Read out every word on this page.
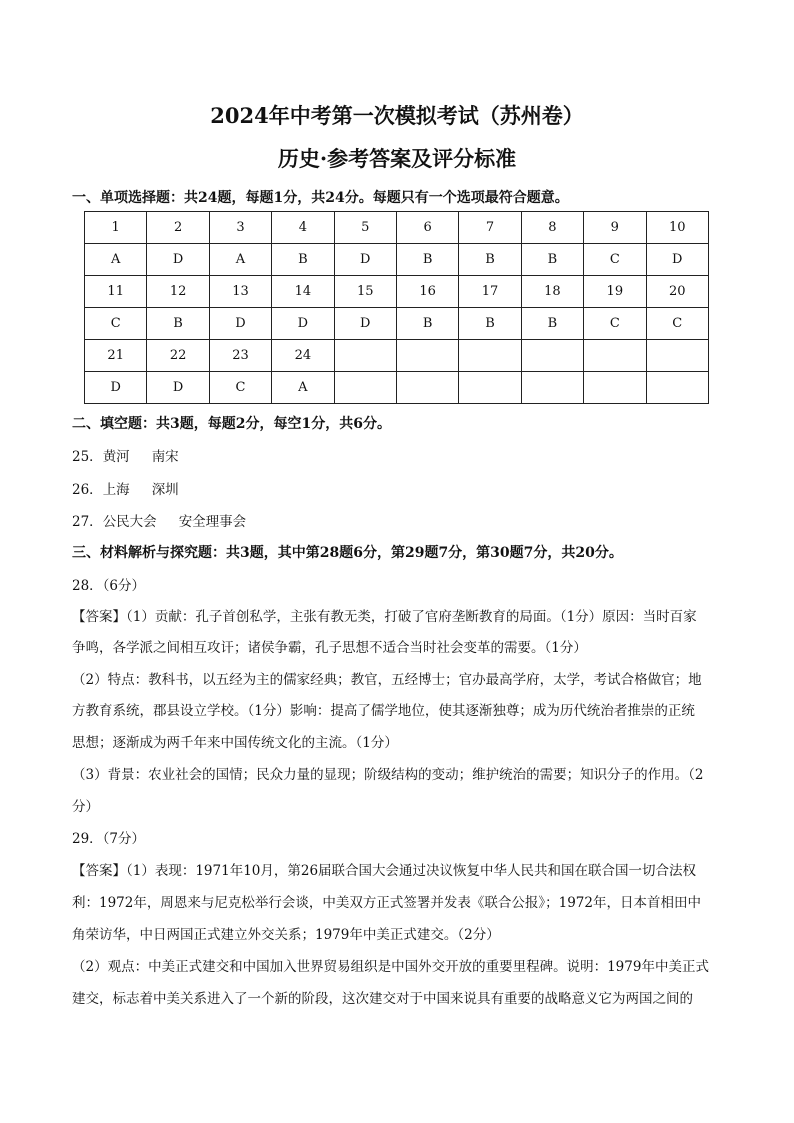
2024年中考第一次模拟考试（苏州卷）
历史·参考答案及评分标准
一、单项选择题：共24题，每题1分，共24分。每题只有一个选项最符合题意。
1	2	3	4	5	6	7	8	9	10
A	D	A	B	D	B	B	B	C	D
11	12	13	14	15	16	17	18	19	20
C	B	D	D	D	B	B	B	C	C
21	22	23	24						
D	D	C	A						
二、填空题：共3题，每题2分，每空1分，共6分。
25．黄河 南宋
26．上海 深圳
27．公民大会 安全理事会
三、材料解析与探究题：共3题，其中第28题6分，第29题7分，第30题7分，共20分。
28．（6分）
【答案】（1）贡献：孔子首创私学，主张有教无类，打破了官府垄断教育的局面。（1分）原因：当时百家
争鸣，各学派之间相互攻讦；诸侯争霸，孔子思想不适合当时社会变革的需要。（1分）
（2）特点：教科书，以五经为主的儒家经典；教官，五经博士；官办最高学府，太学，考试合格做官；地
方教育系统，郡县设立学校。（1分）影响：提高了儒学地位，使其逐渐独尊；成为历代统治者推崇的正统
思想；逐渐成为两千年来中国传统文化的主流。（1分）
（3）背景：农业社会的国情；民众力量的显现；阶级结构的变动；维护统治的需要；知识分子的作用。（2
分）
29．（7分）
【答案】（1）表现：1971年10月，第26届联合国大会通过决议恢复中华人民共和国在联合国一切合法权
利：1972年，周恩来与尼克松举行会谈，中美双方正式签署并发表《联合公报》；1972年，日本首相田中
角荣访华，中日两国正式建立外交关系；1979年中美正式建交。（2分）
（2）观点：中美正式建交和中国加入世界贸易组织是中国外交开放的重要里程碑。说明：1979年中美正式
建交，标志着中美关系进入了一个新的阶段，这次建交对于中国来说具有重要的战略意义它为两国之间的
